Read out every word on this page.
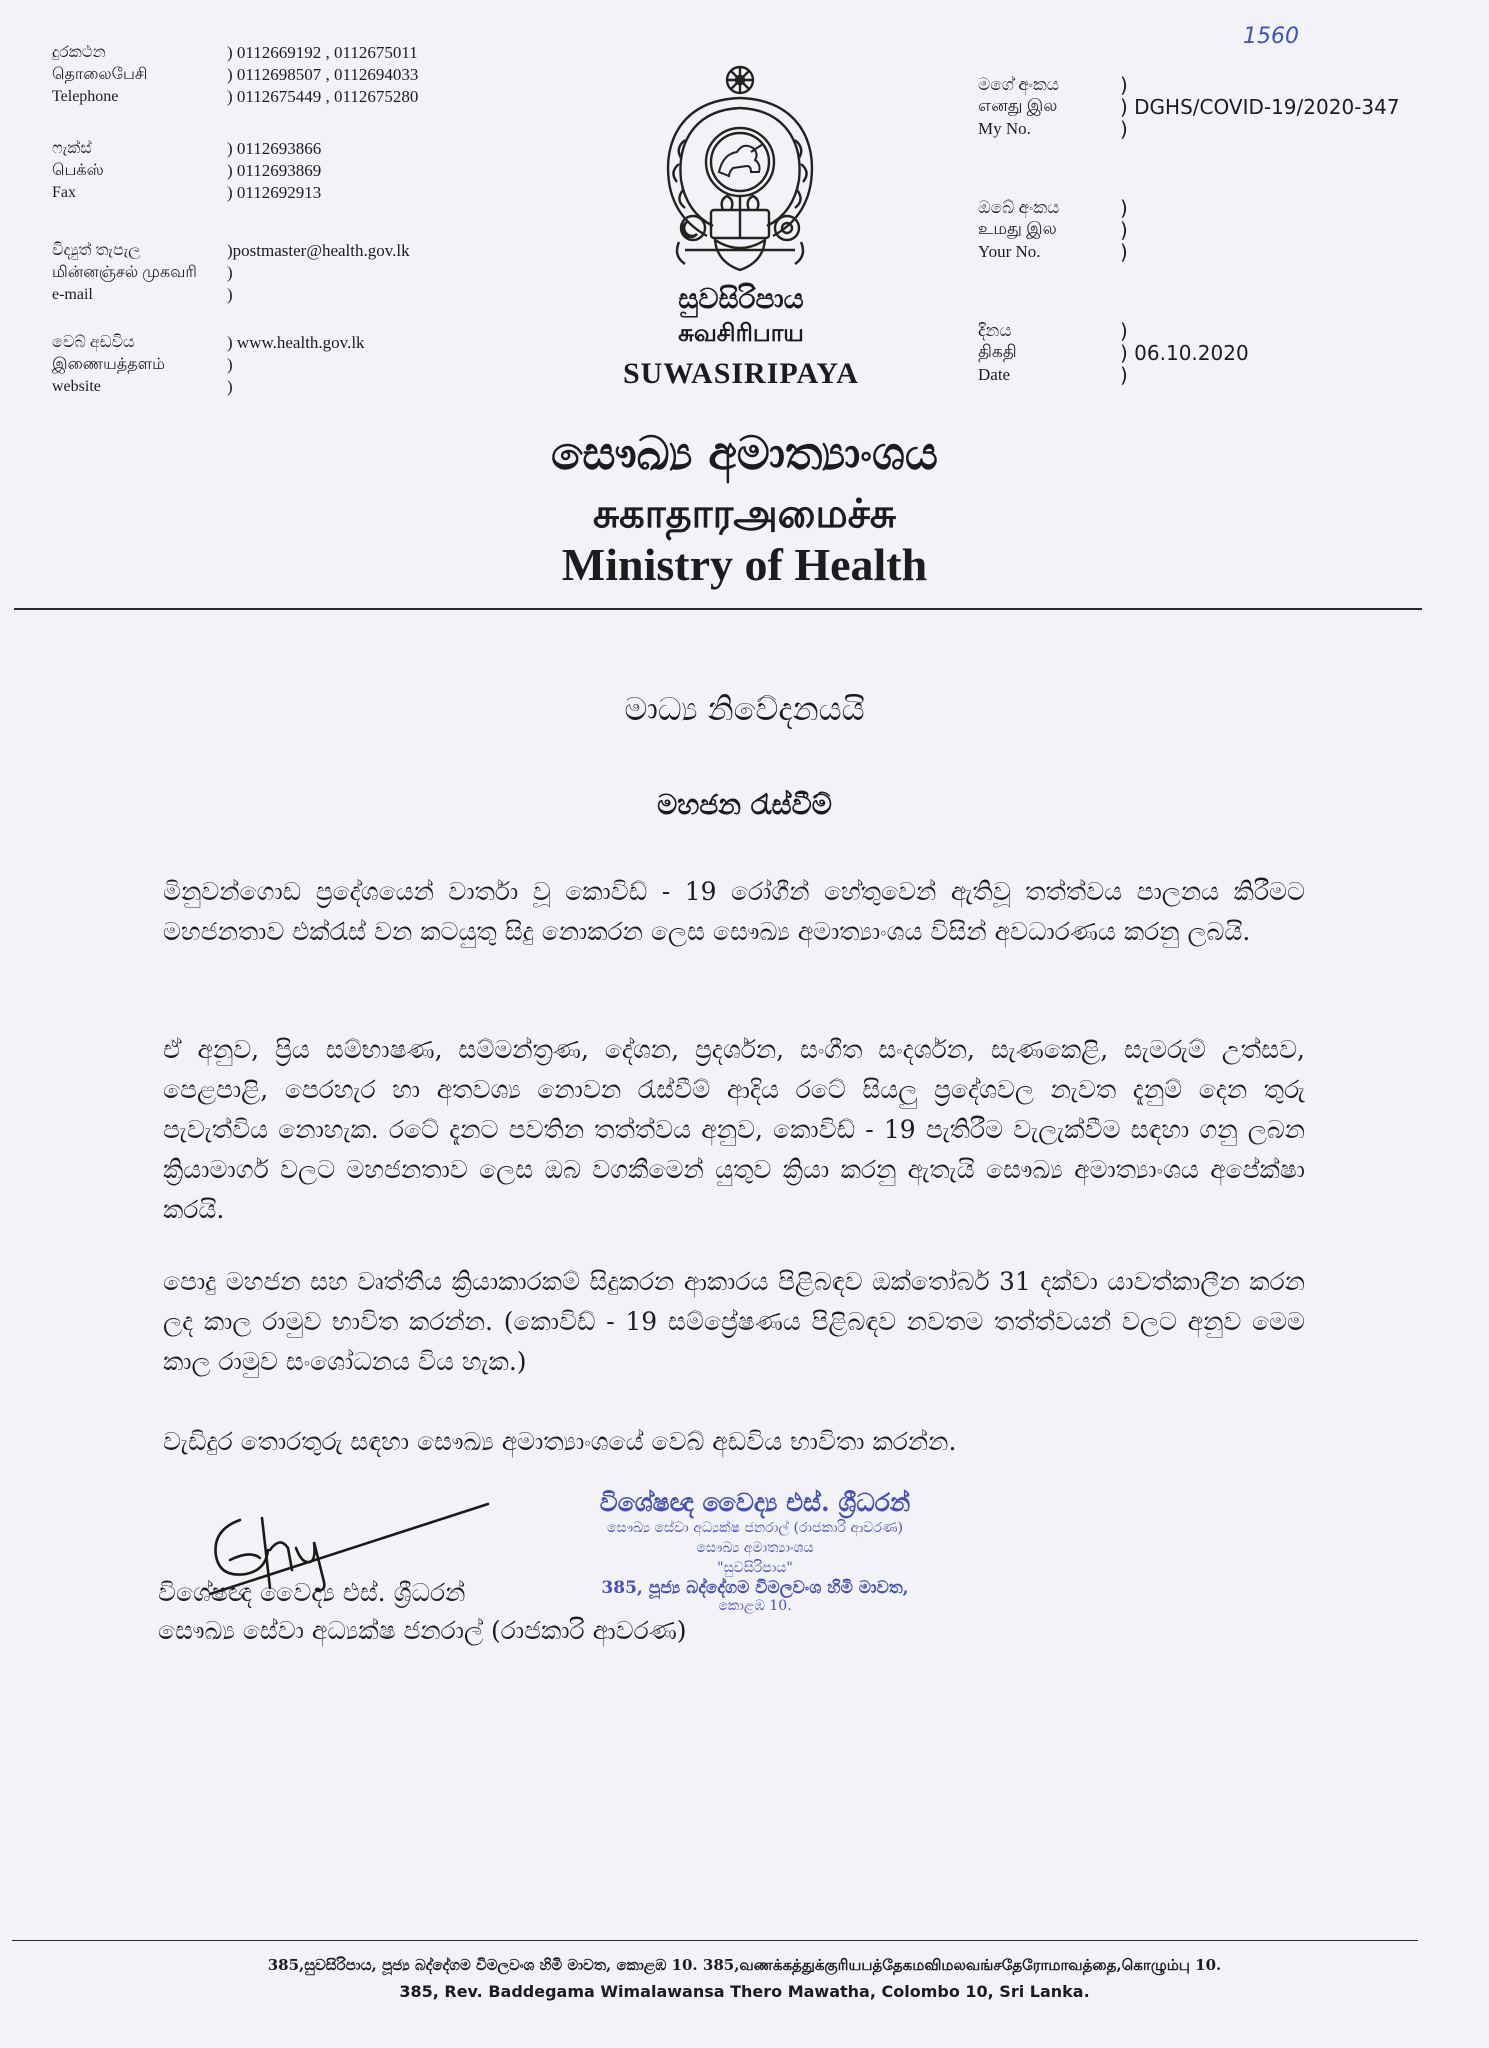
1560
දුරකථන	) 0112669192 , 0112675011
தொலைபேசி	) 0112698507 , 0112694033
Telephone	) 0112675449 , 0112675280
ෆැක්ස්	) 0112693866
பெக்ஸ்	) 0112693869
Fax	) 0112692913
විද්‍යුත් තැපැල	)postmaster@health.gov.lk
மின்னஞ்சல் முகவரி	)
e-mail	)
වෙබ් අඩවිය	) www.health.gov.lk
இணையத்தளம்	)
website	)
සුවසිරිපාය
சுவசிரிபாய
SUWASIRIPAYA
මගේ අංකය	)
எனது இல	) DGHS/COVID-19/2020-347
My No.	)
ඔබේ අංකය	)
உமது இல	)
Your No.	)
දිනය	)
திகதி	) 06.10.2020
Date	)
සෞඛ්‍ය අමාත්‍යාංශය
சுகாதாரஅமைச்சு
Ministry of Health
මාධ්‍ය නිවේදනයයි
මහජන රැස්වීම්
මිනුවන්ගොඩ ප්‍රදේශයෙන් වාර්තා වූ කොවිඩ් - 19 රෝගීන් හේතුවෙන් ඇතිවූ තත්ත්වය පාලනය කිරීමට මහජනතාව එක්රැස් වන කටයුතු සිදු නොකරන ලෙස සෞඛ්‍ය අමාත්‍යාංශය විසින් අවධාරණය කරනු ලබයි.
ඒ අනුව, ප්‍රිය සම්භාෂණ, සම්මන්ත්‍රණ, දේශන, ප්‍රදර්ශන, සංගීත සංදර්ශන, සැණකෙළි, සැමරුම් උත්සව, පෙළපාළි, පෙරහැර හා අතවශ්‍ය නොවන රැස්වීම් ආදිය රටේ සියලු ප්‍රදේශවල නැවත දැනුම් දෙන තුරු පැවැත්විය නොහැක. රටේ දැනට පවතින තත්ත්වය අනුව, කොවිඩ් - 19 පැතිරීම වැලැක්වීම සඳහා ගනු ලබන ක්‍රියාමාර්ග වලට මහජනතාව ලෙස ඔබ වගකීමෙන් යුතුව ක්‍රියා කරනු ඇතැයි සෞඛ්‍ය අමාත්‍යාංශය අපේක්ෂා කරයි.
පොදු මහජන සහ වෘත්තීය ක්‍රියාකාරකම් සිදුකරන ආකාරය පිළිබඳව ඔක්තෝබර් 31 දක්වා යාවත්කාලීන කරන ලද කාල රාමුව භාවිත කරන්න. (කොවිඩ් - 19 සම්ප්‍රේෂණය පිළිබඳව නවතම තත්ත්වයන් වලට අනුව මෙම කාල රාමුව සංශෝධනය විය හැක.)
වැඩිදුර තොරතුරු සඳහා සෞඛ්‍ය අමාත්‍යාංශයේ වෙබ් අඩවිය භාවිතා කරන්න.
විශේෂඥ වෛද්‍ය එස්. ශ්‍රීධරන්
සෞඛ්‍ය සේවා අධ්‍යක්ෂ ජනරාල් (රාජකාරි ආවරණ)
සෞඛ්‍ය අමාත්‍යාංශය
"සුවසිරිපාය"
385, පූජ්‍ය බද්දේගම විමලවංශ හිමි මාවත,
කොළඹ 10.
විශේෂඥ වෛද්‍ය එස්. ශ්‍රීධරන්
සෞඛ්‍ය සේවා අධ්‍යක්ෂ ජනරාල් (රාජකාරි ආවරණ)
385,සුවසිරිපාය, පූජ්‍ය බද්දේගම විමලවංශ හිමි මාවත, කොළඹ 10. 385,வணக்கத்துக்குரியபத்தேகமவிமலவங்சதேரோமாவத்தை,கொழும்பு 10.
385, Rev. Baddegama Wimalawansa Thero Mawatha, Colombo 10, Sri Lanka.
